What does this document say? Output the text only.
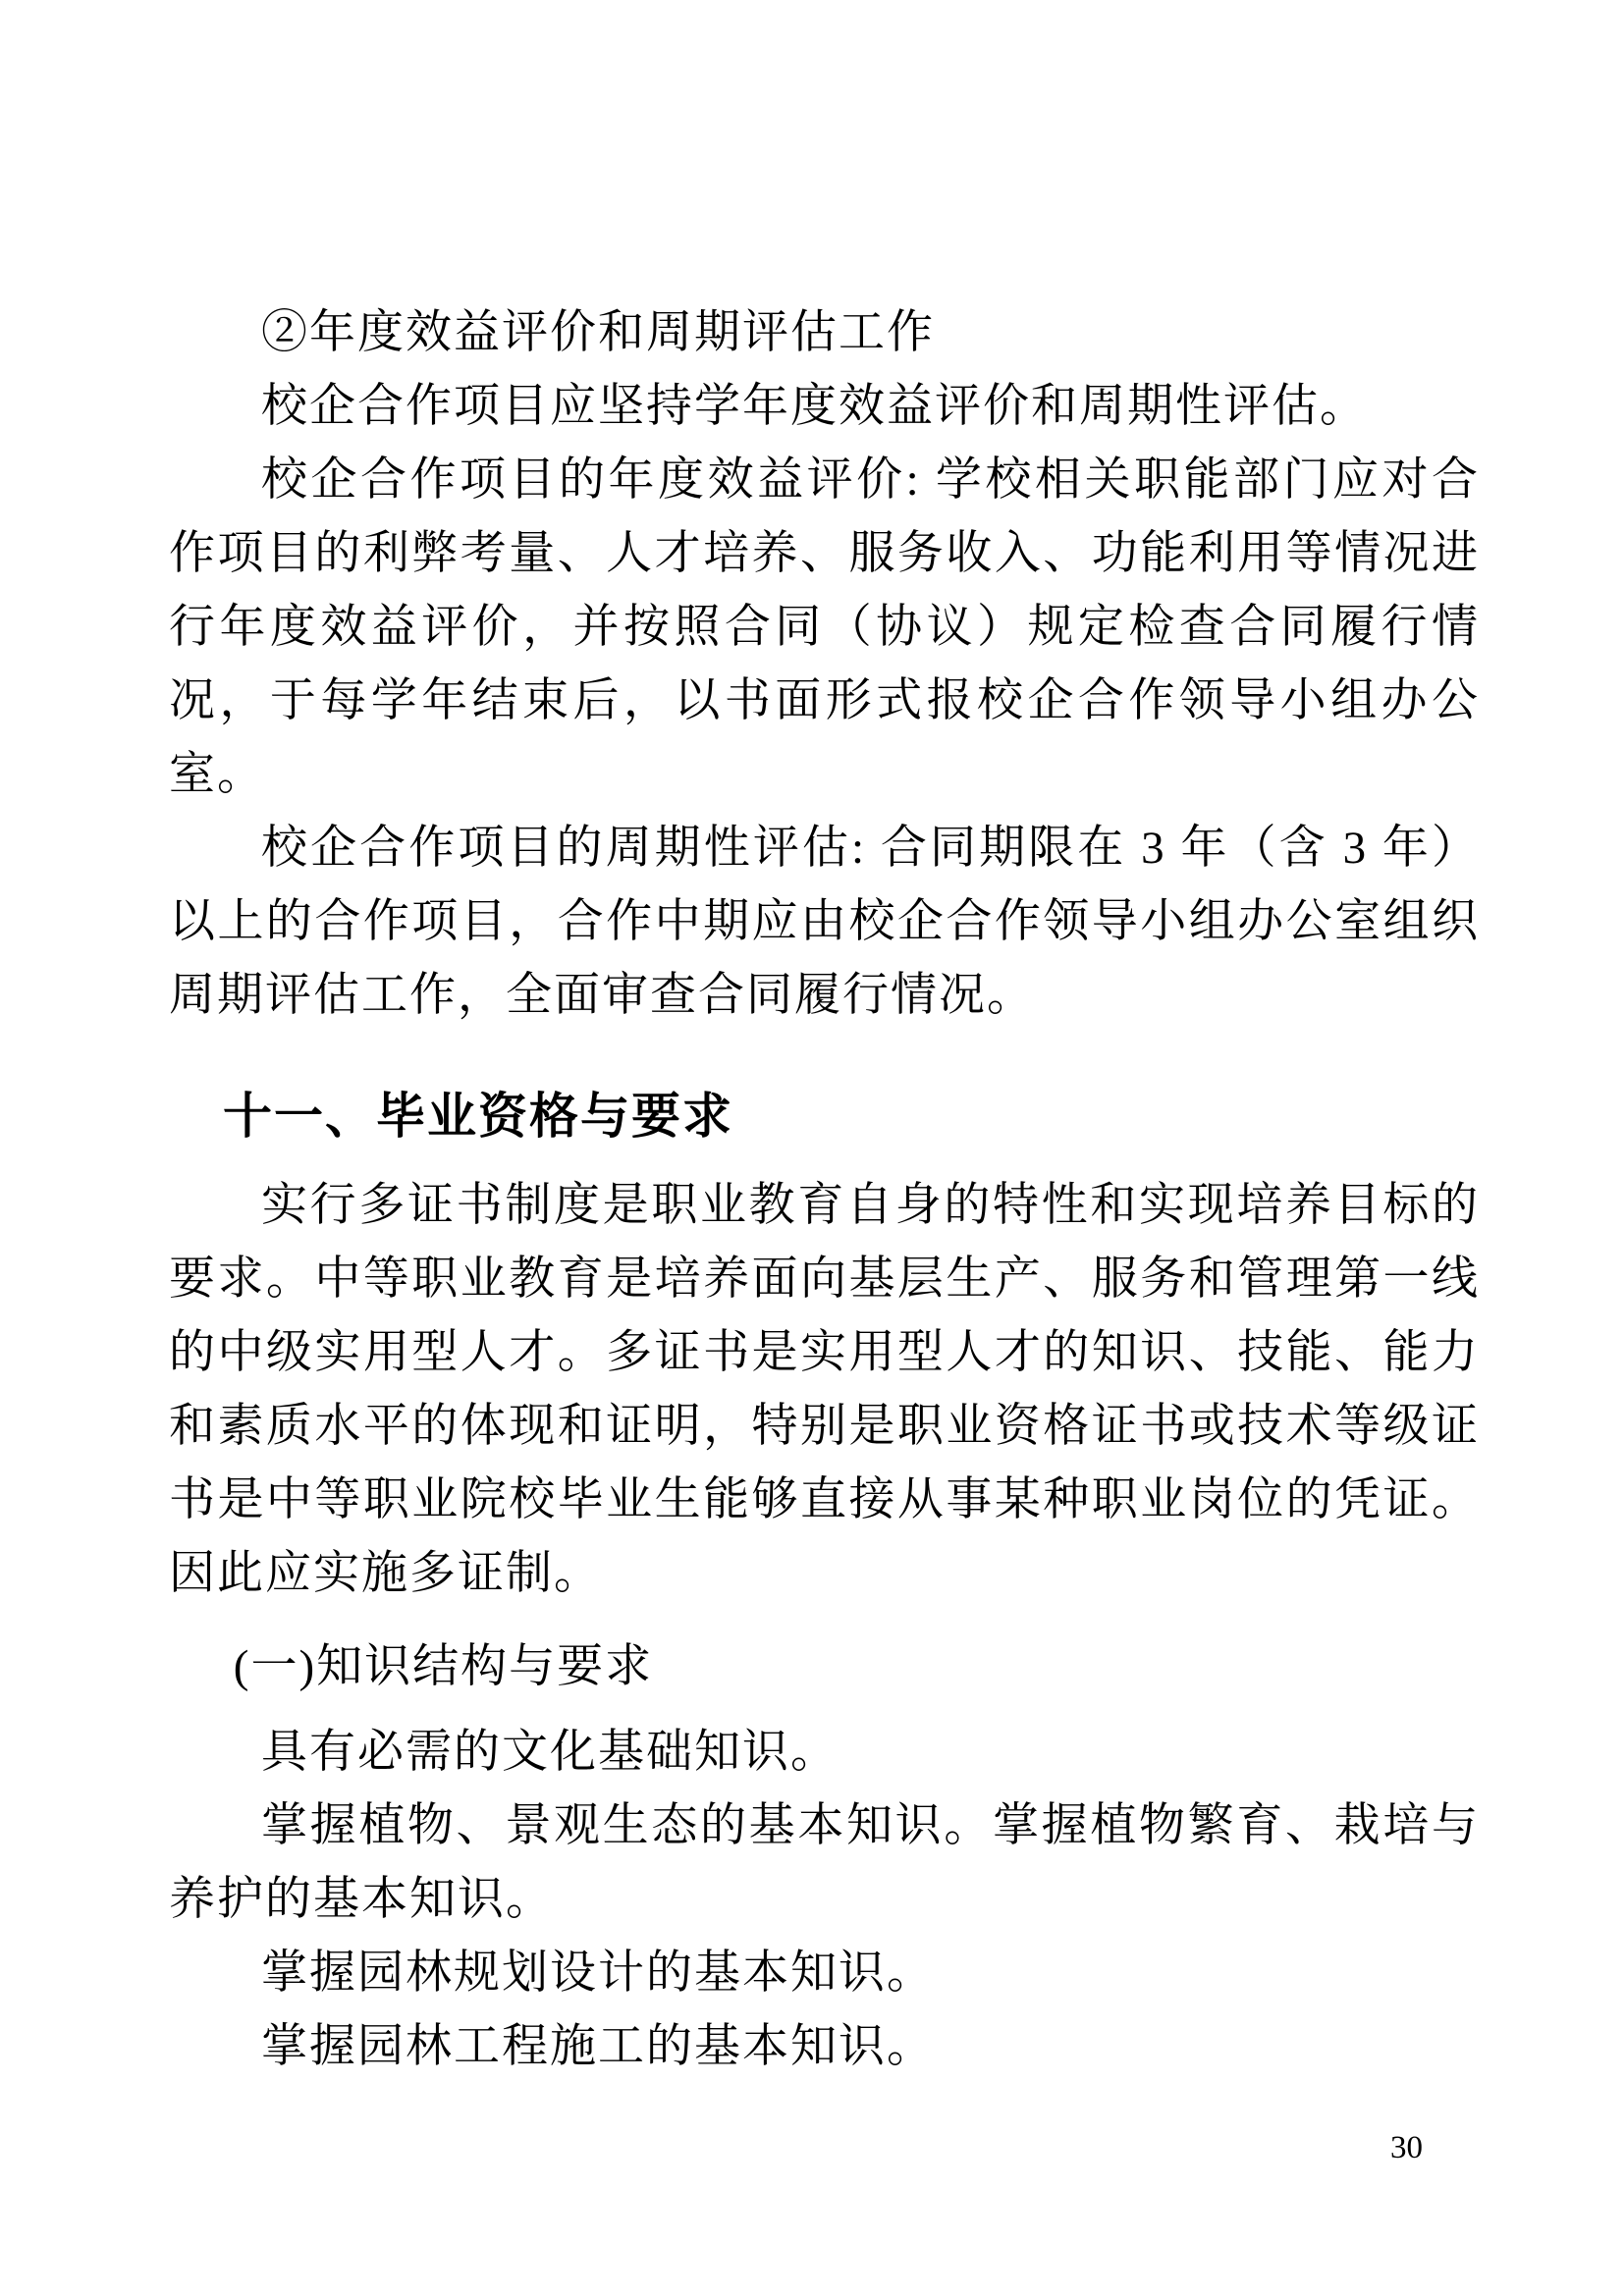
②年度效益评价和周期评估工作

校企合作项目应坚持学年度效益评价和周期性评估。

校企合作项目的年度效益评价: 学校相关职能部门应对合作项目的利弊考量、人才培养、服务收入、功能利用等情况进行年度效益评价，并按照合同（协议）规定检查合同履行情况，于每学年结束后，以书面形式报校企合作领导小组办公室。

校企合作项目的周期性评估: 合同期限在 3 年（含 3 年）以上的合作项目，合作中期应由校企合作领导小组办公室组织周期评估工作，全面审查合同履行情况。

十一、毕业资格与要求

实行多证书制度是职业教育自身的特性和实现培养目标的要求。中等职业教育是培养面向基层生产、服务和管理第一线的中级实用型人才。多证书是实用型人才的知识、技能、能力和素质水平的体现和证明，特别是职业资格证书或技术等级证书是中等职业院校毕业生能够直接从事某种职业岗位的凭证。因此应实施多证制。

(一)知识结构与要求

具有必需的文化基础知识。

掌握植物、景观生态的基本知识。掌握植物繁育、栽培与养护的基本知识。

掌握园林规划设计的基本知识。

掌握园林工程施工的基本知识。

30
